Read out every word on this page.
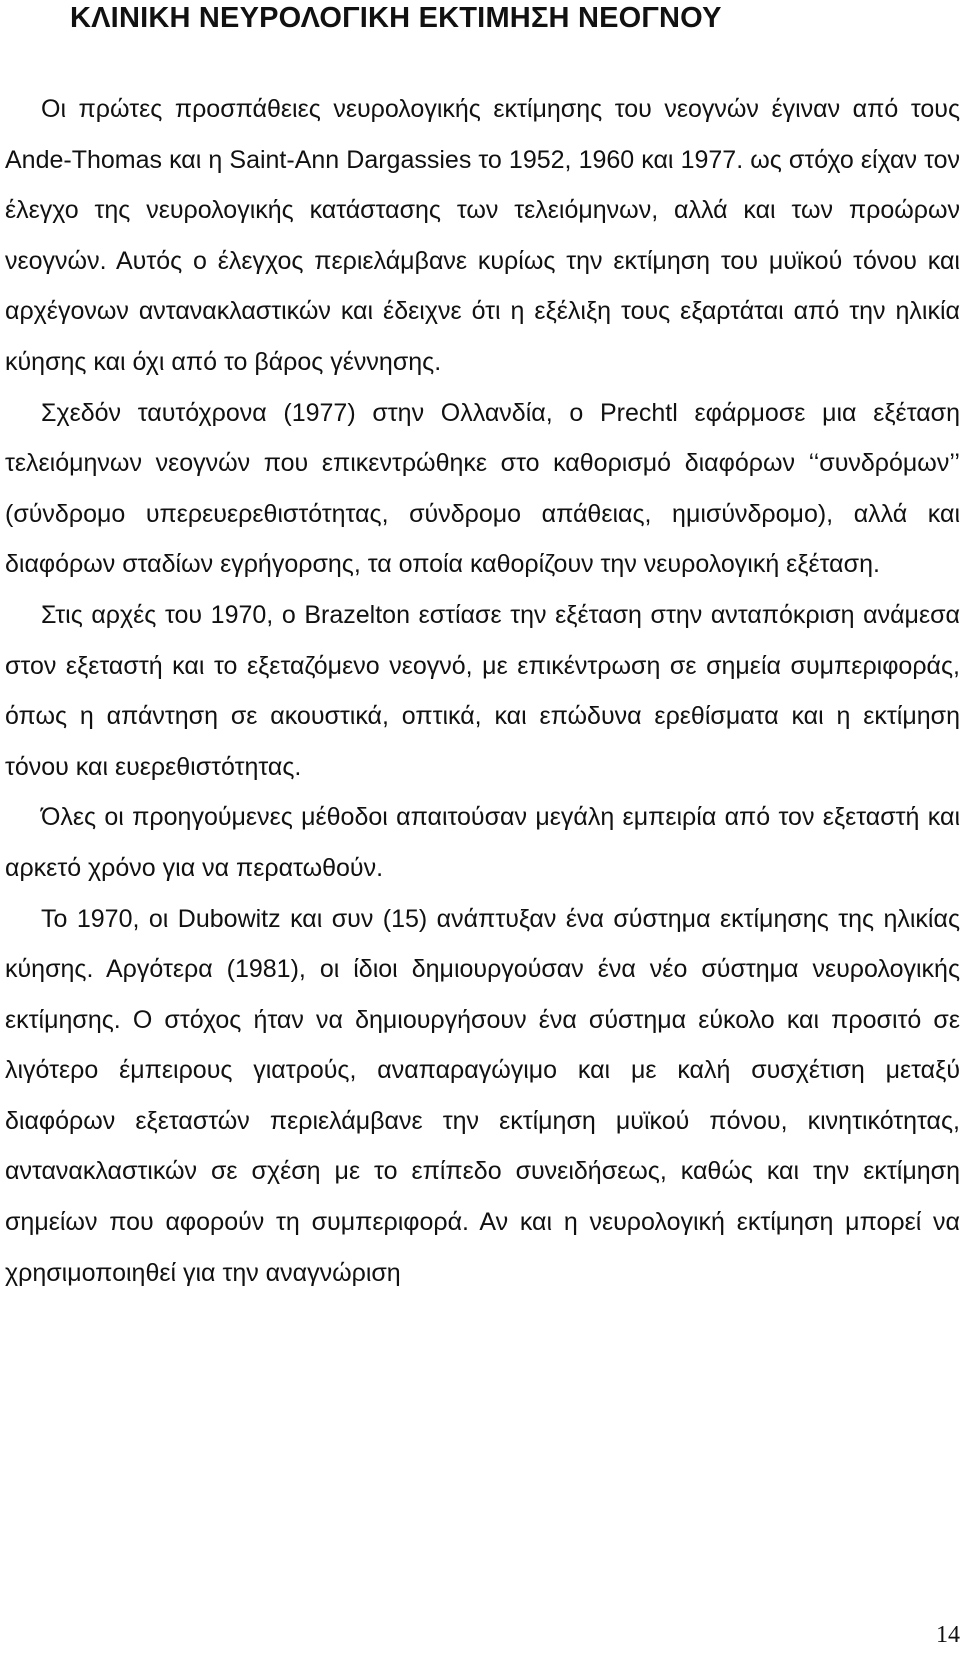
ΚΛΙΝΙΚΗ ΝΕΥΡΟΛΟΓΙΚΗ ΕΚΤΙΜΗΣΗ ΝΕΟΓΝΟΥ

Οι πρώτες προσπάθειες νευρολογικής εκτίμησης του νεογνών έγιναν από τους Ande-Thomas και η Saint-Ann Dargassies το 1952, 1960 και 1977. ως στόχο είχαν τον έλεγχο της νευρολογικής κατάστασης των τελειόμηνων, αλλά και των προώρων νεογνών. Αυτός ο έλεγχος περιελάμβανε κυρίως την εκτίμηση του μυϊκού τόνου και αρχέγονων αντανακλαστικών και έδειχνε ότι η εξέλιξη τους εξαρτάται από την ηλικία κύησης και όχι από το βάρος γέννησης.

Σχεδόν ταυτόχρονα (1977) στην Ολλανδία, ο Prechtl εφάρμοσε μια εξέταση τελειόμηνων νεογνών που επικεντρώθηκε στο καθορισμό διαφόρων ‘‘συνδρόμων’’ (σύνδρομο υπερευερεθιστότητας, σύνδρομο απάθειας, ημισύνδρομο), αλλά και διαφόρων σταδίων εγρήγορσης, τα οποία καθορίζουν την νευρολογική εξέταση.

Στις αρχές του 1970, ο Brazelton εστίασε την εξέταση στην ανταπόκριση ανάμεσα στον εξεταστή και το εξεταζόμενο νεογνό, με επικέντρωση σε σημεία συμπεριφοράς, όπως η απάντηση σε ακουστικά, οπτικά, και επώδυνα ερεθίσματα και η εκτίμηση τόνου και ευερεθιστότητας.

Όλες οι προηγούμενες μέθοδοι απαιτούσαν μεγάλη εμπειρία από τον εξεταστή και αρκετό χρόνο για να περατωθούν.

Το 1970, οι Dubowitz και συν (15) ανάπτυξαν ένα σύστημα εκτίμησης της ηλικίας κύησης. Αργότερα (1981), οι ίδιοι δημιουργούσαν ένα νέο σύστημα νευρολογικής εκτίμησης. Ο στόχος ήταν να δημιουργήσουν ένα σύστημα εύκολο και προσιτό σε λιγότερο έμπειρους γιατρούς, αναπαραγώγιμο και με καλή συσχέτιση μεταξύ διαφόρων εξεταστών περιελάμβανε την εκτίμηση μυϊκού πόνου, κινητικότητας, αντανακλαστικών σε σχέση με το επίπεδο συνειδήσεως, καθώς και την εκτίμηση σημείων που αφορούν τη συμπεριφορά. Αν και η νευρολογική εκτίμηση μπορεί να χρησιμοποιηθεί για την αναγνώριση

14
